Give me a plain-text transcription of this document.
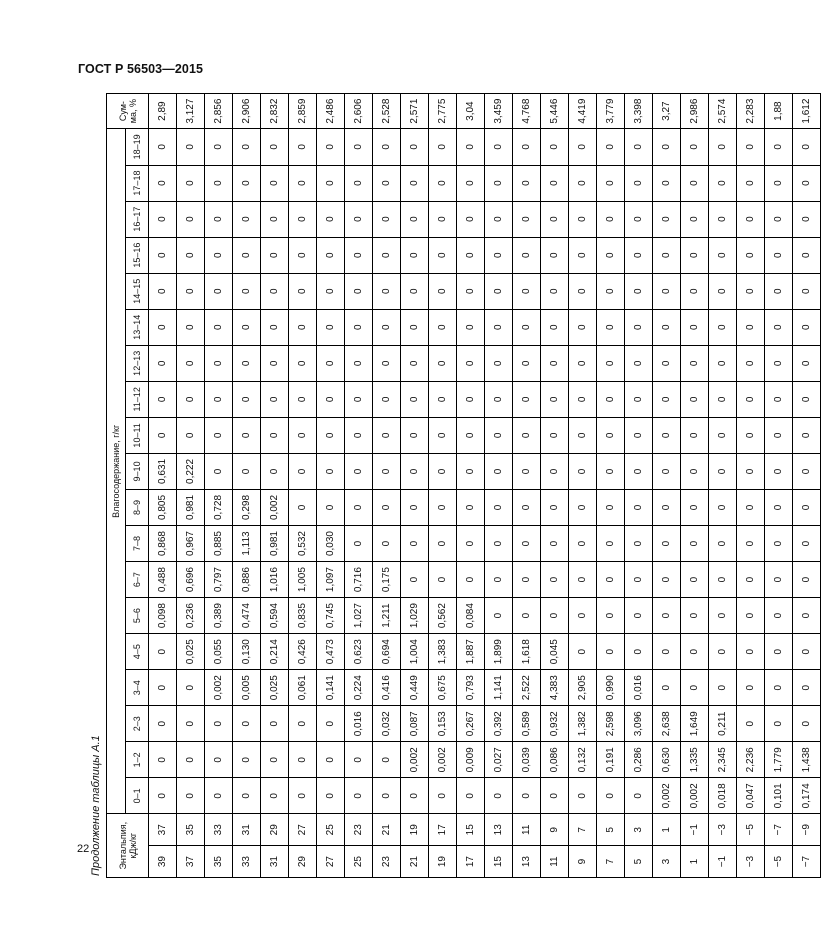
ГОСТ Р 56503—2015
Продолжение таблицы А.1	Энтальпия,
кДж/кг		Влагосодержание, г/кг																			Сум-
ма, %
		0–1	1–2	2–3	3–4	4–5	5–6	6–7	7–8	8–9	9–10	10–11	11–12	12–13	13–14	14–15	15–16	16–17	17–18	18–19	
39	37	0	0	0	0	0	0,098	0,488	0,868	0,805	0,631	0	0	0	0	0	0	0	0	0	2,89
37	35	0	0	0	0	0,025	0,236	0,696	0,967	0,981	0,222	0	0	0	0	0	0	0	0	0	3,127
35	33	0	0	0	0,002	0,055	0,389	0,797	0,885	0,728	0	0	0	0	0	0	0	0	0	0	2,856
33	31	0	0	0	0,005	0,130	0,474	0,886	1,113	0,298	0	0	0	0	0	0	0	0	0	0	2,906
31	29	0	0	0	0,025	0,214	0,594	1,016	0,981	0,002	0	0	0	0	0	0	0	0	0	0	2,832
29	27	0	0	0	0,061	0,426	0,835	1,005	0,532	0	0	0	0	0	0	0	0	0	0	0	2,859
27	25	0	0	0	0,141	0,473	0,745	1,097	0,030	0	0	0	0	0	0	0	0	0	0	0	2,486
25	23	0	0	0,016	0,224	0,623	1,027	0,716	0	0	0	0	0	0	0	0	0	0	0	0	2,606
23	21	0	0	0,032	0,416	0,694	1,211	0,175	0	0	0	0	0	0	0	0	0	0	0	0	2,528
21	19	0	0,002	0,087	0,449	1,004	1,029	0	0	0	0	0	0	0	0	0	0	0	0	0	2,571
19	17	0	0,002	0,153	0,675	1,383	0,562	0	0	0	0	0	0	0	0	0	0	0	0	0	2,775
17	15	0	0,009	0,267	0,793	1,887	0,084	0	0	0	0	0	0	0	0	0	0	0	0	0	3,04
15	13	0	0,027	0,392	1,141	1,899	0	0	0	0	0	0	0	0	0	0	0	0	0	0	3,459
13	11	0	0,039	0,589	2,522	1,618	0	0	0	0	0	0	0	0	0	0	0	0	0	0	4,768
11	9	0	0,086	0,932	4,383	0,045	0	0	0	0	0	0	0	0	0	0	0	0	0	0	5,446
9	7	0	0,132	1,382	2,905	0	0	0	0	0	0	0	0	0	0	0	0	0	0	0	4,419
7	5	0	0,191	2,598	0,990	0	0	0	0	0	0	0	0	0	0	0	0	0	0	0	3,779
5	3	0	0,286	3,096	0,016	0	0	0	0	0	0	0	0	0	0	0	0	0	0	0	3,398
3	1	0,002	0,630	2,638	0	0	0	0	0	0	0	0	0	0	0	0	0	0	0	0	3,27
1	−1	0,002	1,335	1,649	0	0	0	0	0	0	0	0	0	0	0	0	0	0	0	0	2,986
−1	−3	0,018	2,345	0,211	0	0	0	0	0	0	0	0	0	0	0	0	0	0	0	0	2,574
−3	−5	0,047	2,236	0	0	0	0	0	0	0	0	0	0	0	0	0	0	0	0	0	2,283
−5	−7	0,101	1,779	0	0	0	0	0	0	0	0	0	0	0	0	0	0	0	0	0	1,88
−7	−9	0,174	1,438	0	0	0	0	0	0	0	0	0	0	0	0	0	0	0	0	0	1,612
22
